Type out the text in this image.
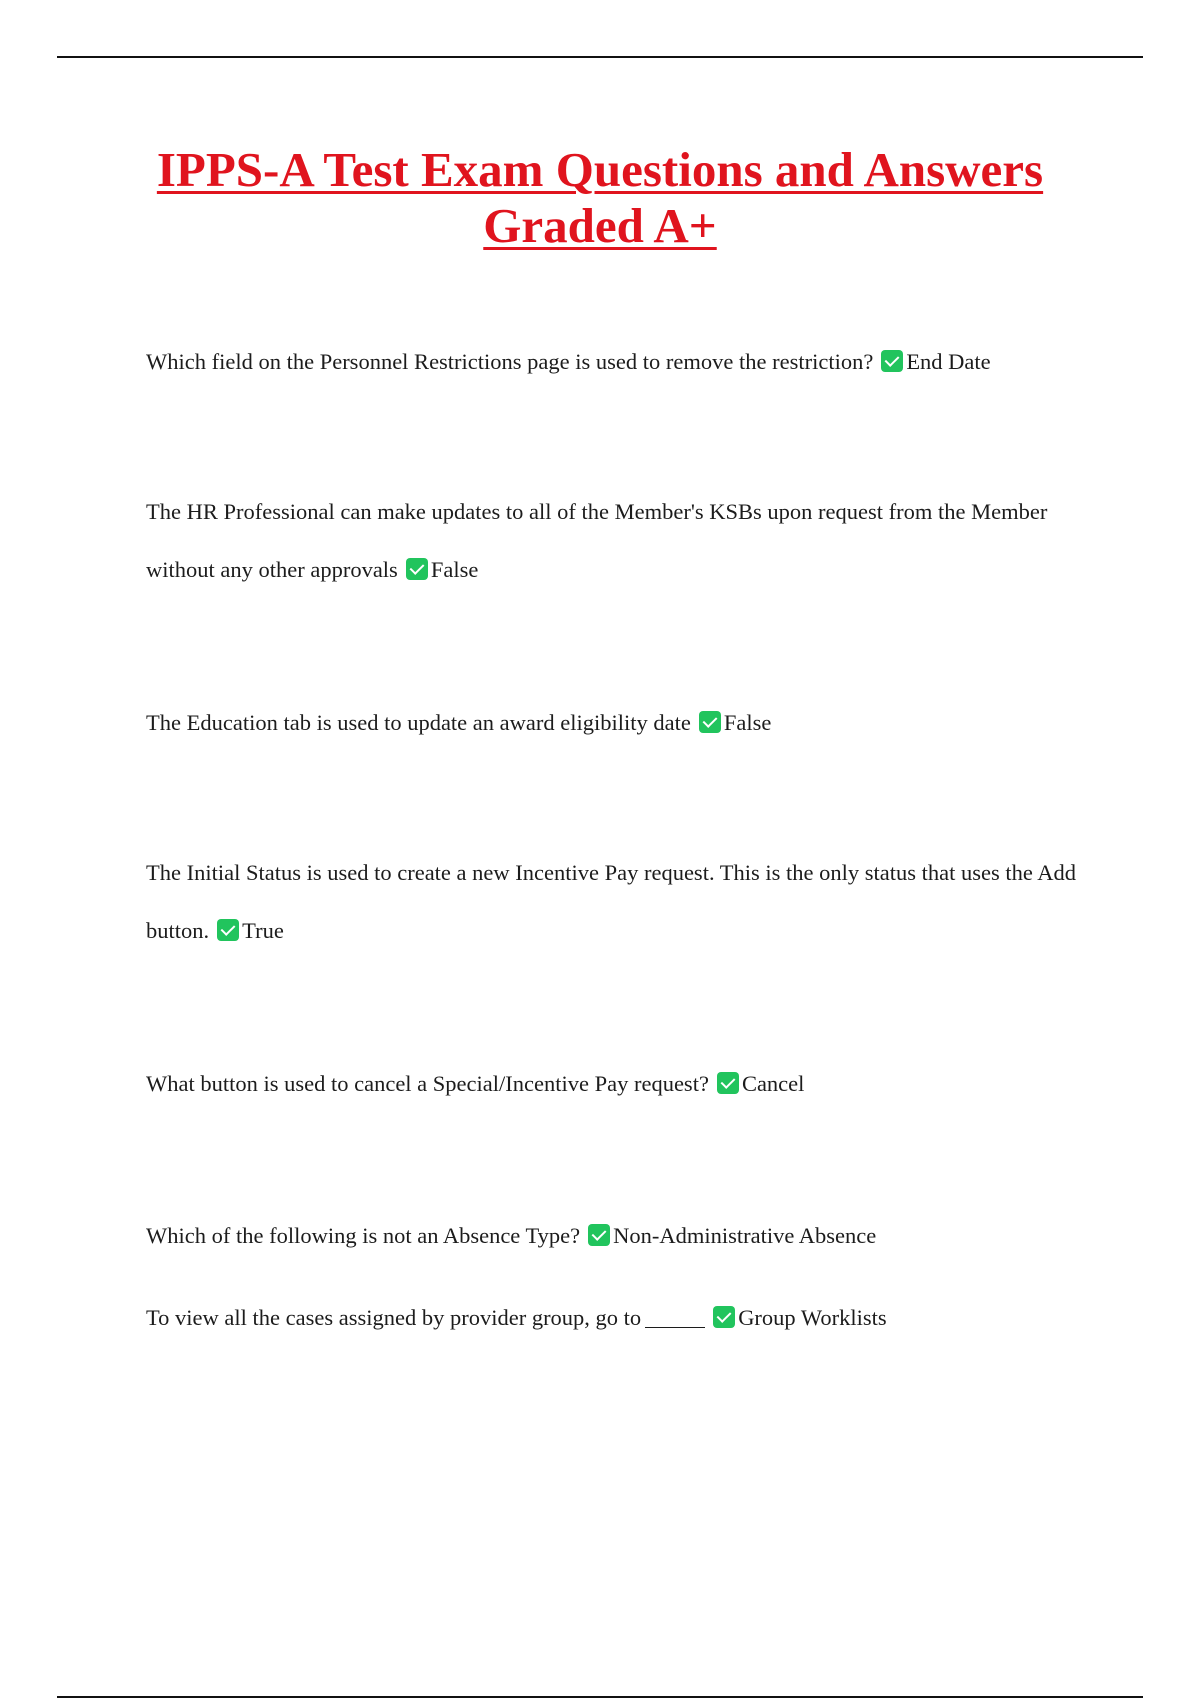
IPPS-A Test Exam Questions and Answers Graded A+

Which field on the Personnel Restrictions page is used to remove the restriction? End Date

The HR Professional can make updates to all of the Member's KSBs upon request from the Member without any other approvals False

The Education tab is used to update an award eligibility date False

The Initial Status is used to create a new Incentive Pay request. This is the only status that uses the Add button. True

What button is used to cancel a Special/Incentive Pay request? Cancel

Which of the following is not an Absence Type? Non-Administrative Absence

To view all the cases assigned by provider group, go to	Group Worklists
